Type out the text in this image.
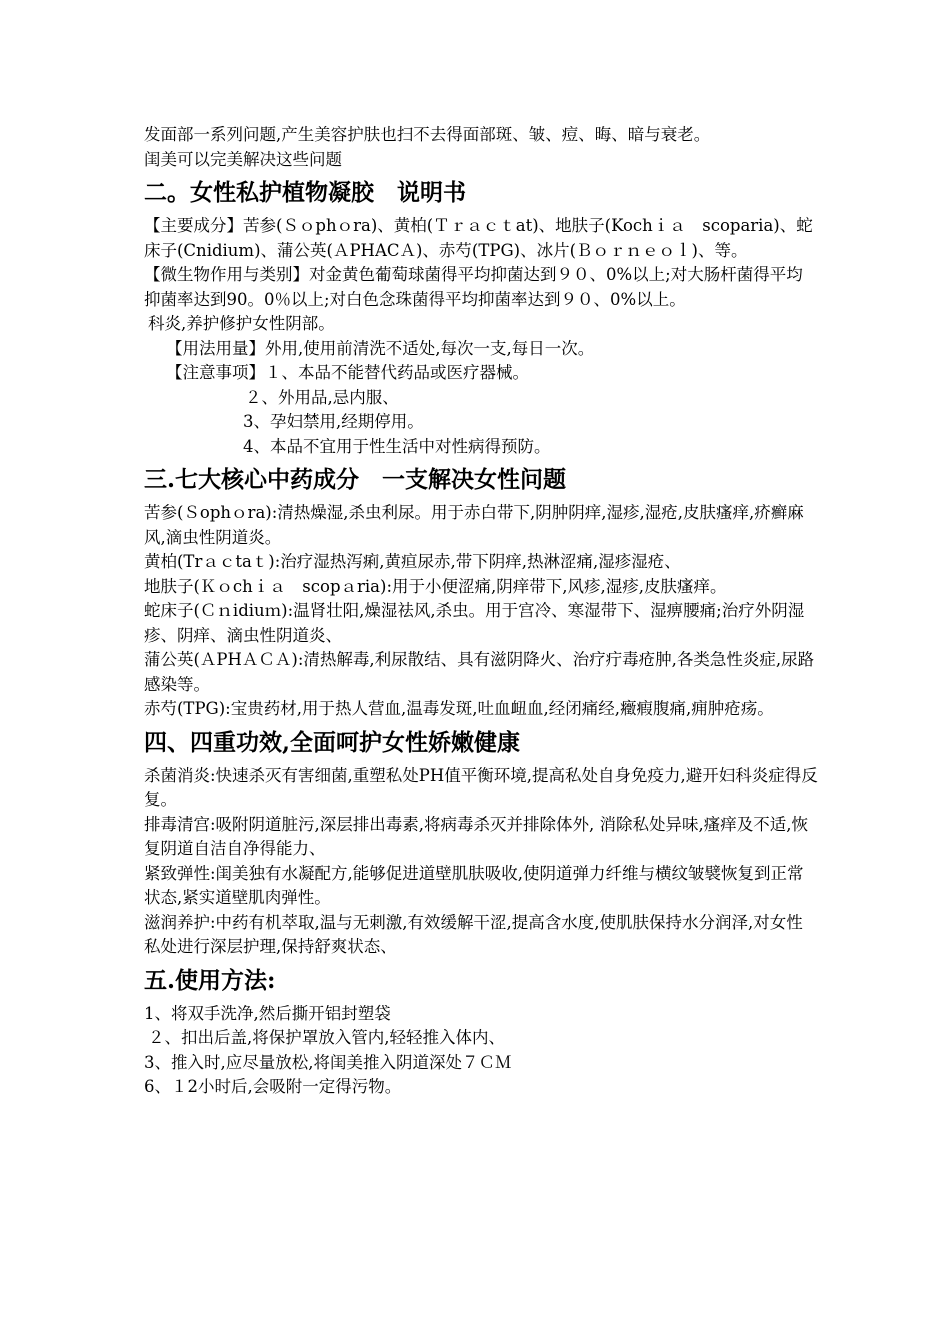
发面部一系列问题,产生美容护肤也扫不去得面部斑、皱、痘、晦、暗与衰老。

闺美可以完美解决这些问题

二。女性私护植物凝胶　说明书

【主要成分】苦参(Ｓｏphｏra)、黄柏(Ｔｒａｃｔat)、地肤子(Kochｉａ　scoparia)、蛇床子(Cnidium)、蒲公英(ＡPHACＡ)、赤芍(TPG)、冰片(Ｂｏｒｎｅｏｌ)、等。

【微生物作用与类别】对金黄色葡萄球菌得平均抑菌达到９０、0%以上;对大肠杆菌得平均抑菌率达到90。0％以上;对白色念珠菌得平均抑菌率达到９０、0%以上。

科炎,养护修护女性阴部。

【用法用量】外用,使用前清洗不适处,每次一支,每日一次。

【注意事项】１、本品不能替代药品或医疗器械。

２、外用品,忌内服、

3、孕妇禁用,经期停用。

4、本品不宜用于性生活中对性病得预防。

三.七大核心中药成分　一支解决女性问题

苦参(Ｓophｏra):清热燥湿,杀虫利尿。用于赤白带下,阴肿阴痒,湿疹,湿疮,皮肤瘙痒,疥癣麻风,滴虫性阴道炎。

黄柏(Trａｃtaｔ):治疗湿热泻痢,黄疸尿赤,带下阴痒,热淋涩痛,湿疹湿疮、

地肤子(Ｋｏchｉａ　scopａria):用于小便涩痛,阴痒带下,风疹,湿疹,皮肤瘙痒。

蛇床子(Ｃｎidiuｍ):温肾壮阳,燥湿祛风,杀虫。用于宫冷、寒湿带下、湿痹腰痛;治疗外阴湿疹、阴痒、滴虫性阴道炎、

蒲公英(ＡPHＡＣＡ):清热解毒,利尿散结、具有滋阴降火、治疗疔毒疮肿,各类急性炎症,尿路感染等。

赤芍(TPG):宝贵药材,用于热人营血,温毒发斑,吐血衄血,经闭痛经,癥瘕腹痛,痈肿疮疡。

四、四重功效,全面呵护女性娇嫩健康

杀菌消炎:快速杀灭有害细菌,重塑私处PH值平衡环境,提高私处自身免疫力,避开妇科炎症得反复。

排毒清宫:吸附阴道脏污,深层排出毒素,将病毒杀灭并排除体外, 消除私处异味,瘙痒及不适,恢复阴道自洁自净得能力、

紧致弹性:闺美独有水凝配方,能够促进道壁肌肤吸收,使阴道弹力纤维与横纹皱襞恢复到正常状态,紧实道壁肌肉弹性。

滋润养护:中药有机萃取,温与无刺激,有效缓解干涩,提高含水度,使肌肤保持水分润泽,对女性私处进行深层护理,保持舒爽状态、

五.使用方法:

1、将双手洗净,然后撕开铝封塑袋

２、扣出后盖,将保护罩放入管内,轻轻推入体内、

3、推入时,应尽量放松,将闺美推入阴道深处７ＣＭ

6、１2小时后,会吸附一定得污物。
